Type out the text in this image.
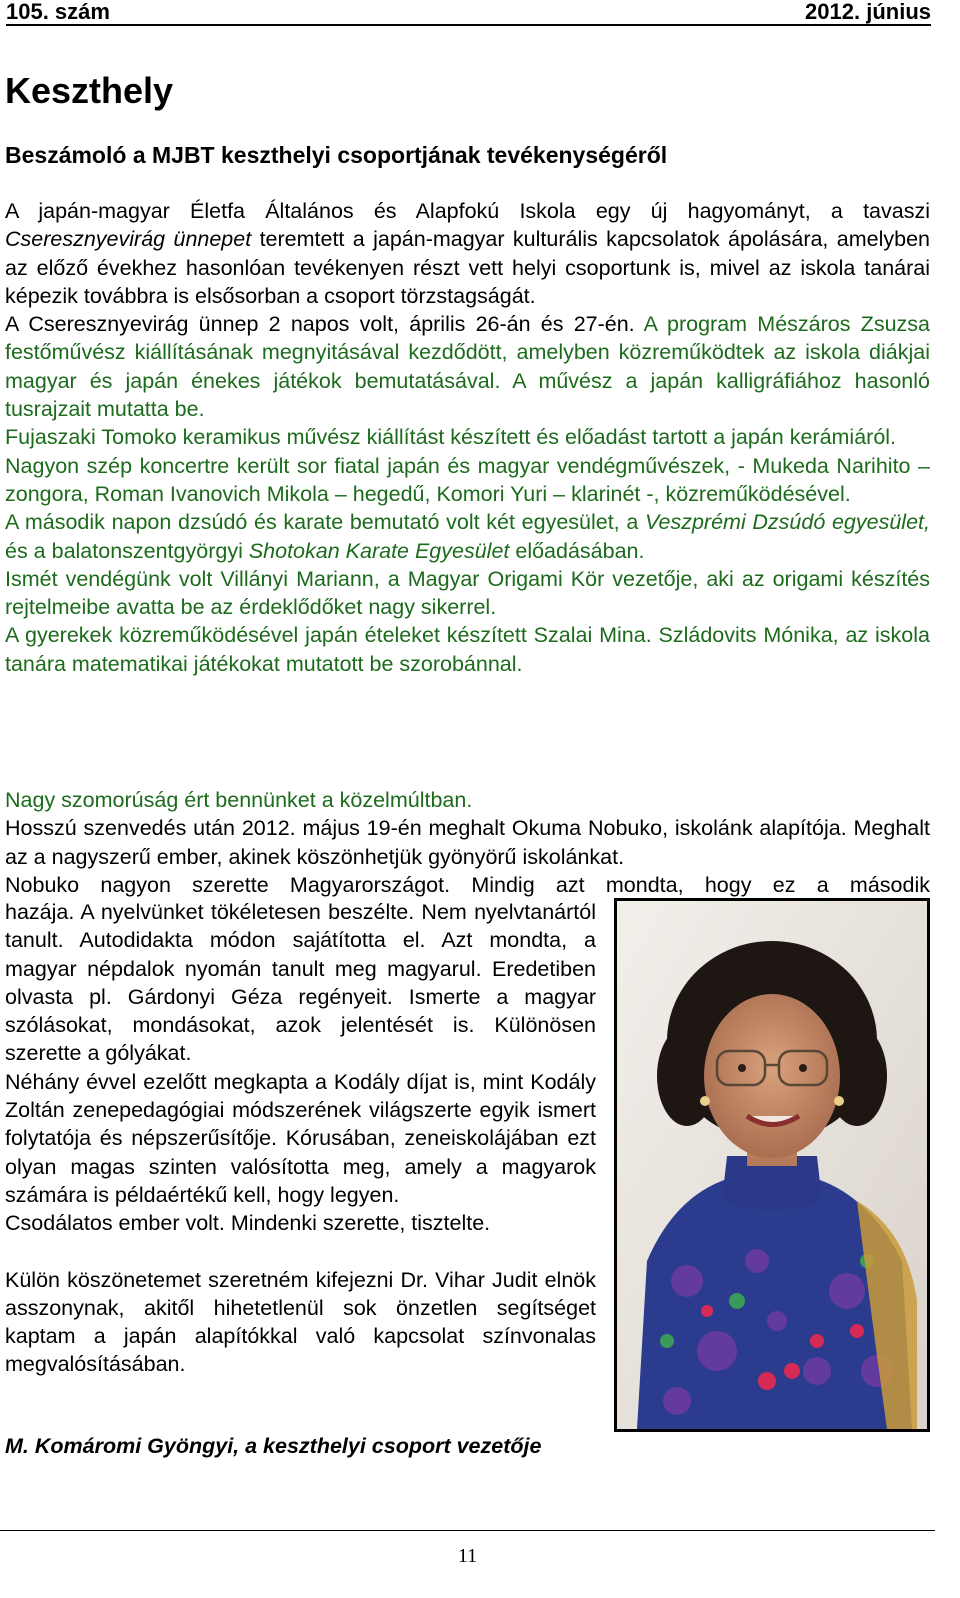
105. szám	2012. június
Keszthely
Beszámoló a MJBT keszthelyi csoportjának tevékenységéről

A japán-magyar Életfa Általános és Alapfokú Iskola egy új hagyományt, a tavaszi Cseresznyevirág ünnepet teremtett a japán-magyar kulturális kapcsolatok ápolására, amelyben az előző évekhez hasonlóan tevékenyen részt vett helyi csoportunk is, mivel az iskola tanárai képezik továbbra is elsősorban a csoport törzstagságát.

A Cseresznyevirág ünnep 2 napos volt, április 26-án és 27-én. A program Mészáros Zsuzsa festőművész kiállításának megnyitásával kezdődött, amelyben közreműködtek az iskola diákjai magyar és japán énekes játékok bemutatásával. A művész a japán kalligráfiához hasonló tusrajzait mutatta be.

Fujaszaki Tomoko keramikus művész kiállítást készített és előadást tartott a japán kerámiáról.

Nagyon szép koncertre került sor fiatal japán és magyar vendégművészek, - Mukeda Narihito – zongora, Roman Ivanovich Mikola – hegedű, Komori Yuri – klarinét -, közreműködésével.

A második napon dzsúdó és karate bemutató volt két egyesület, a Veszprémi Dzsúdó egyesület, és a balatonszentgyörgyi Shotokan Karate Egyesület előadásában.

Ismét vendégünk volt Villányi Mariann, a Magyar Origami Kör vezetője, aki az origami készítés rejtelmeibe avatta be az érdeklődőket nagy sikerrel.

A gyerekek közreműködésével japán ételeket készített Szalai Mina. Szládovits Mónika, az iskola tanára matematikai játékokat mutatott be szorobánnal.

Nagy szomorúság ért bennünket a közelmúltban.

Hosszú szenvedés után 2012. május 19-én meghalt Okuma Nobuko, iskolánk alapítója. Meghalt az a nagyszerű ember, akinek köszönhetjük gyönyörű iskolánkat.

Nobuko nagyon szerette Magyarországot. Mindig azt mondta, hogy ez a második

hazája. A nyelvünket tökéletesen beszélte. Nem nyelvtanártól tanult. Autodidakta módon sajátította el. Azt mondta, a magyar népdalok nyomán tanult meg magyarul. Eredetiben olvasta pl. Gárdonyi Géza regényeit. Ismerte a magyar szólásokat, mondásokat, azok jelentését is. Különösen szerette a gólyákat.

Néhány évvel ezelőtt megkapta a Kodály díjat is, mint Kodály Zoltán zenepedagógiai módszerének világszerte egyik ismert folytatója és népszerűsítője. Kórusában, zeneiskolájában ezt olyan magas szinten valósította meg, amely a magyarok számára is példaértékű kell, hogy legyen.

Csodálatos ember volt. Mindenki szerette, tisztelte.

Külön köszönetemet szeretném kifejezni Dr. Vihar Judit elnök asszonynak, akitől hihetetlenül sok önzetlen segítséget kaptam a japán alapítókkal való kapcsolat színvonalas megvalósításában.

M. Komáromi Gyöngyi, a keszthelyi csoport vezetője
11
